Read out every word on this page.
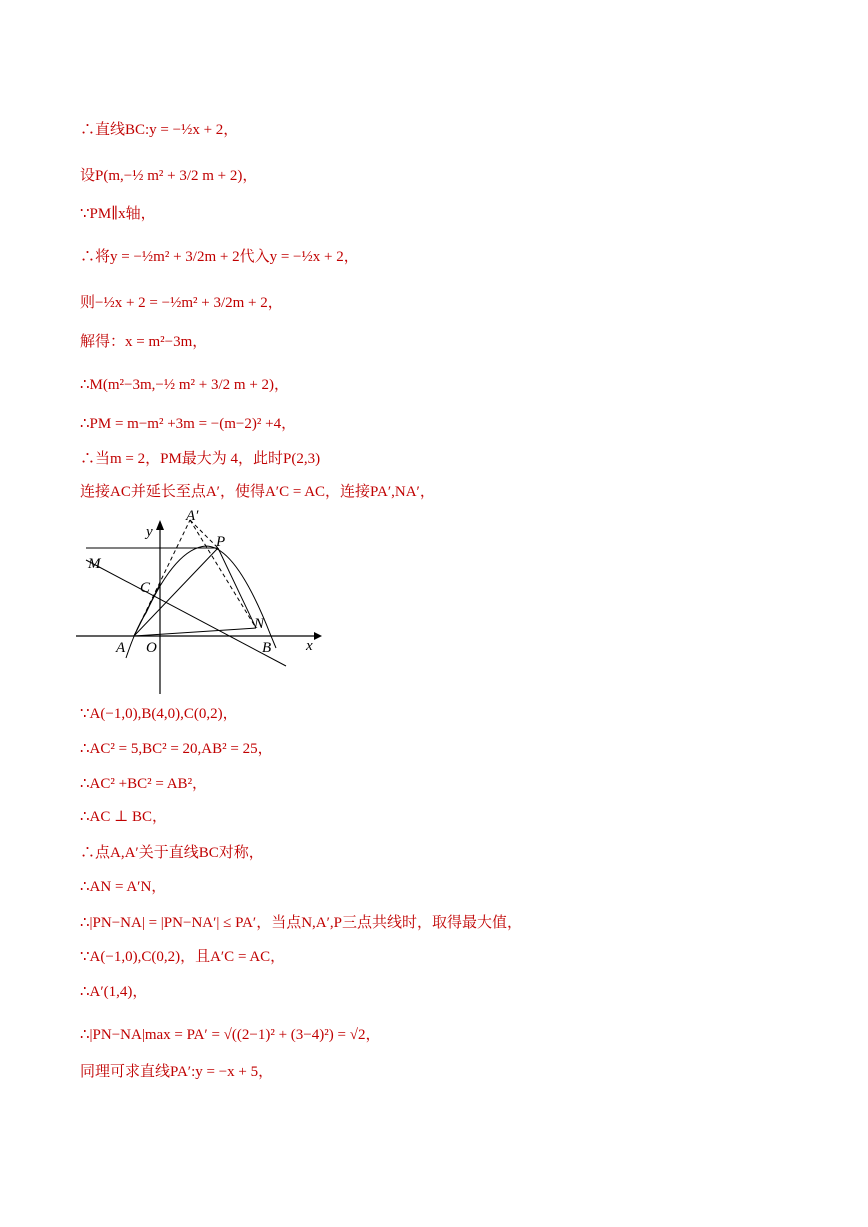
∴直线BC:y = −½x + 2，
设P(m,−½ m² + 3/2 m + 2)，
∵PM∥x轴，
∴将y = −½m² + 3/2m + 2代入y = −½x + 2，
则−½x + 2 = −½m² + 3/2m + 2，
解得：x = m²−3m，
∴M(m²−3m,−½ m² + 3/2 m + 2)，
∴PM = m−m² +3m = −(m−2)² +4，
∴当m = 2，PM最大为 4，此时P(2,3)
连接AC并延长至点A′，使得A′C = AC，连接PA′,NA′，
y
x
A′
P
M
C
A O
N
B
∵A(−1,0),B(4,0),C(0,2)，
∴AC² = 5,BC² = 20,AB² = 25，
∴AC² +BC² = AB²，
∴AC ⊥ BC，
∴点A,A′关于直线BC对称，
∴AN = A′N，
∴|PN−NA| = |PN−NA′| ≤ PA′，当点N,A′,P三点共线时，取得最大值，
∵A(−1,0),C(0,2)，且A′C = AC，
∴A′(1,4)，
∴|PN−NA|max = PA′ = √((2−1)² + (3−4)²) = √2，
同理可求直线PA′:y = −x + 5，
